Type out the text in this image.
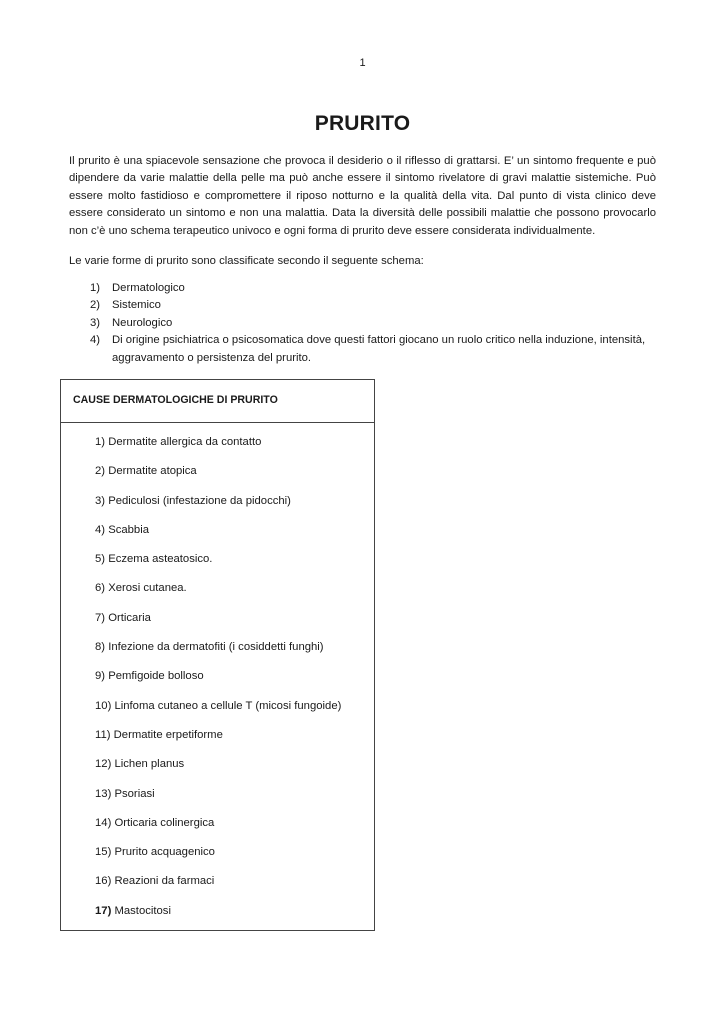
1
PRURITO

Il prurito è una spiacevole sensazione che provoca il desiderio o il riflesso di grattarsi. E’ un sintomo frequente e può dipendere da varie malattie della pelle ma può anche essere il sintomo rivelatore di gravi malattie sistemiche. Può essere molto fastidioso e compromettere il riposo notturno e la qualità della vita. Dal punto di vista clinico deve essere considerato un sintomo e non una malattia. Data la diversità delle possibili malattie che possono provocarlo non c’è uno schema terapeutico univoco e ogni forma di prurito deve essere considerata individualmente.

Le varie forme di prurito sono classificate secondo il seguente schema:

1) Dermatologico
2) Sistemico
3) Neurologico
4) Di origine psichiatrica o psicosomatica dove questi fattori giocano un ruolo critico nella induzione, intensità, aggravamento o persistenza del prurito.
CAUSE DERMATOLOGICHE DI PRURITO
1) Dermatite allergica da contatto
2) Dermatite atopica
3) Pediculosi (infestazione da pidocchi)
4) Scabbia
5) Eczema asteatosico.
6) Xerosi cutanea.
7) Orticaria
8) Infezione da dermatofiti (i cosiddetti funghi)
9) Pemfigoide bolloso
10) Linfoma cutaneo a cellule T (micosi fungoide)
11) Dermatite erpetiforme
12) Lichen planus
13) Psoriasi
14) Orticaria colinergica
15) Prurito acquagenico
16) Reazioni da farmaci
17) Mastocitosi
